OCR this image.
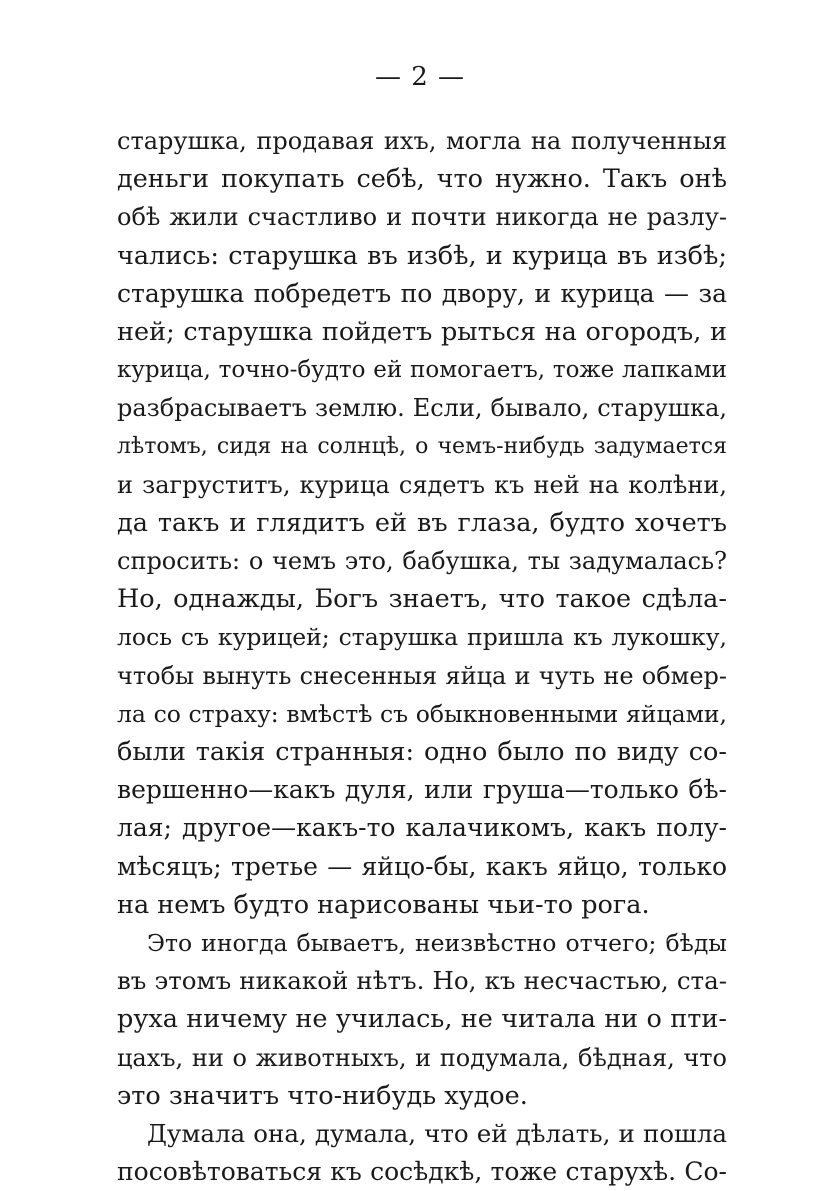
— 2 —
старушка, продавая ихъ, могла на полученныя
деньги покупать себѣ, что нужно. Такъ онѣ
обѣ жили счастливо и почти никогда не разлу-
чались: старушка въ избѣ, и курица въ избѣ;
старушка побредетъ по двору, и курица — за
ней; старушка пойдетъ рыться на огородъ, и
курица, точно-будто ей помогаетъ, тоже лапками
разбрасываетъ землю. Если, бывало, старушка,
лѣтомъ, сидя на солнцѣ, о чемъ-нибудь задумается
и загруститъ, курица сядетъ къ ней на колѣни,
да такъ и глядитъ ей въ глаза, будто хочетъ
спросить: о чемъ это, бабушка, ты задумалась?
Но, однажды, Богъ знаетъ, что такое сдѣла-
лось съ курицей; старушка пришла къ лукошку,
чтобы вынуть снесенныя яйца и чуть не обмер-
ла со страху: вмѣстѣ съ обыкновенными яйцами,
были такія странныя: одно было по виду со-
вершенно—какъ дуля, или груша—только бѣ-
лая; другое—какъ-то калачикомъ, какъ полу-
мѣсяцъ; третье — яйцо-бы, какъ яйцо, только
на немъ будто нарисованы чьи-то рога.
Это иногда бываетъ, неизвѣстно отчего; бѣды
въ этомъ никакой нѣтъ. Но, къ несчастью, ста-
руха ничему не училась, не читала ни о пти-
цахъ, ни о животныхъ, и подумала, бѣдная, что
это значитъ что-нибудь худое.
Думала она, думала, что ей дѣлать, и пошла
посовѣтоваться къ сосѣдкѣ, тоже старухѣ. Со-
